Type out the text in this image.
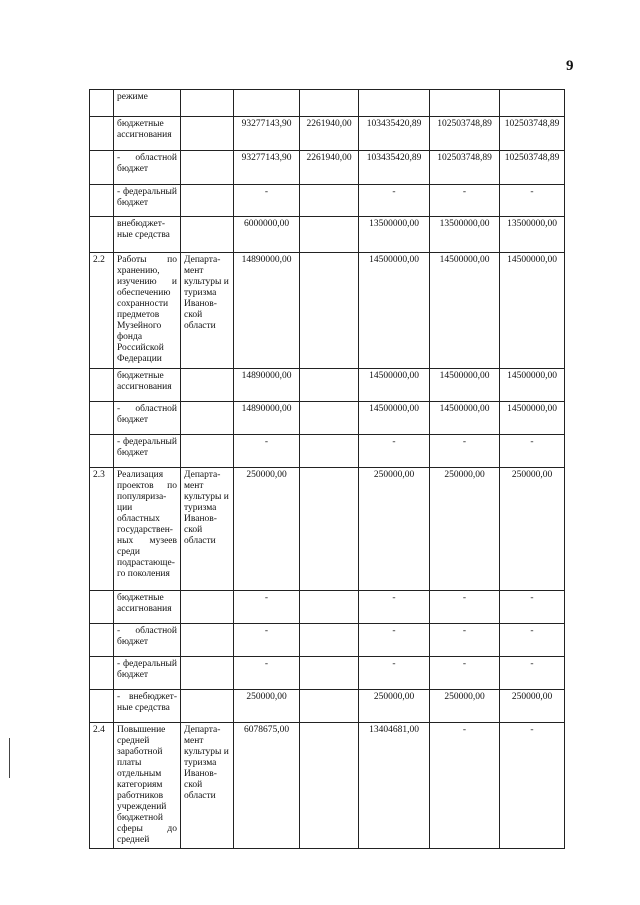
9

	режиме						

	бюджетные ассигнования		93277143,90	2261940,00	103435420,89	102503748,89	102503748,89

	- областной бюджет		93277143,90	2261940,00	103435420,89	102503748,89	102503748,89

	- федеральный бюджет		-		-	-	-

	внебюджет-ные средства		6000000,00		13500000,00	13500000,00	13500000,00

2.2	Работы по хранению, изучению и обеспечению сохранности предметов Музейного фонда Российской Федерации	Департа-мент культуры и туризма Иванов-ской области	14890000,00		14500000,00	14500000,00	14500000,00

	бюджетные ассигнования		14890000,00		14500000,00	14500000,00	14500000,00

	- областной бюджет		14890000,00		14500000,00	14500000,00	14500000,00

	- федеральный бюджет		-		-	-	-

2.3	Реализация проектов по популяриза-ции областных государствен-ных музеев среди подрастающе-го поколения	Департа-мент культуры и туризма Иванов-ской области	250000,00		250000,00	250000,00	250000,00

	бюджетные ассигнования		-		-	-	-

	- областной бюджет		-		-	-	-

	- федеральный бюджет		-		-	-	-

	- внебюджет-ные средства		250000,00		250000,00	250000,00	250000,00

2.4	Повышение средней заработной платы отдельным категориям работников учреждений бюджетной сферы до средней	Департа-мент культуры и туризма Иванов-ской области	6078675,00		13404681,00	-	-
